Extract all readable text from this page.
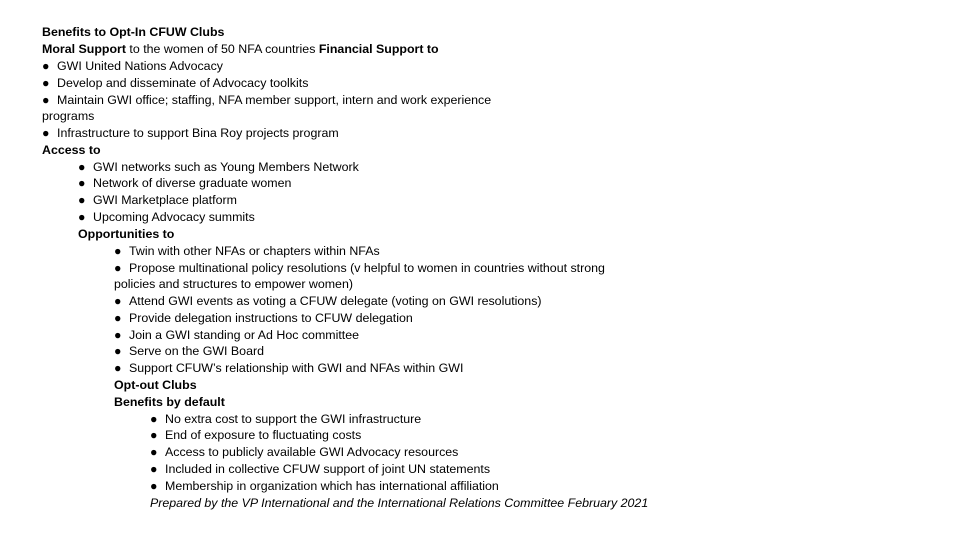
Benefits to Opt-In CFUW Clubs
Moral Support to the women of 50 NFA countries Financial Support to
● GWI United Nations Advocacy
● Develop and disseminate of Advocacy toolkits
● Maintain GWI office; staffing, NFA member support, intern and work experience
programs
● Infrastructure to support Bina Roy projects program
Access to
● GWI networks such as Young Members Network
● Network of diverse graduate women
● GWI Marketplace platform
● Upcoming Advocacy summits
Opportunities to
● Twin with other NFAs or chapters within NFAs
● Propose multinational policy resolutions (v helpful to women in countries without strong
policies and structures to empower women)
● Attend GWI events as voting a CFUW delegate (voting on GWI resolutions)
● Provide delegation instructions to CFUW delegation
● Join a GWI standing or Ad Hoc committee
● Serve on the GWI Board
● Support CFUW’s relationship with GWI and NFAs within GWI
Opt-out Clubs
Benefits by default
● No extra cost to support the GWI infrastructure
● End of exposure to fluctuating costs
● Access to publicly available GWI Advocacy resources
● Included in collective CFUW support of joint UN statements
● Membership in organization which has international affiliation
Prepared by the VP International and the International Relations Committee February 2021
